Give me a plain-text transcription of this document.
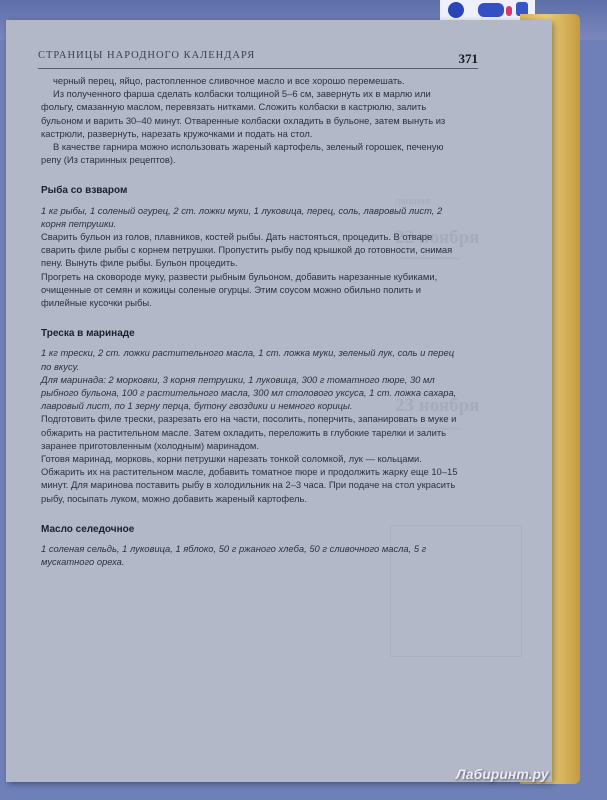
СТРАНИЦЫ НАРОДНОГО КАЛЕНДАРЯ	371
дяшняя
22 ноября
23 ноября

черный перец, яйцо, растопленное сливочное масло и все хорошо перемешать.

Из полученного фарша сделать колбаски толщиной 5–6 см, завернуть их в марлю или фольгу, смазанную маслом, перевязать нитками. Сложить колбаски в кастрюлю, залить бульоном и варить 30–40 минут. Отваренные колбаски охладить в бульоне, затем вынуть из кастрюли, развернуть, нарезать кружочками и подать на стол.

В качестве гарнира можно использовать жареный картофель, зеленый горошек, печеную репу (Из старинных рецептов).

Рыба со взваром

1 кг рыбы, 1 соленый огурец, 2 ст. ложки муки, 1 луковица, перец, соль, лавровый лист, 2 корня петрушки.

Сварить бульон из голов, плавников, костей рыбы. Дать настояться, процедить. В отваре сварить филе рыбы с корнем петрушки. Пропустить рыбу под крышкой до готовности, снимая пену. Вынуть филе рыбы. Бульон процедить.

Прогреть на сковороде муку, развести рыбным бульоном, добавить нарезанные кубиками, очищенные от семян и кожицы соленые огурцы. Этим соусом можно обильно полить и филейные кусочки рыбы.

Треска в маринаде

1 кг трески, 2 ст. ложки растительного масла, 1 ст. ложка муки, зеленый лук, соль и перец по вкусу.

Для маринада: 2 морковки, 3 корня петрушки, 1 луковица, 300 г томатного пюре, 30 мл рыбного бульона, 100 г растительного масла, 300 мл столового уксуса, 1 ст. ложка сахара, лавровый лист, по 1 зерну перца, бутону гвоздики и немного корицы.

Подготовить филе трески, разрезать его на части, посолить, поперчить, запанировать в муке и обжарить на растительном масле. Затем охладить, переложить в глубокие тарелки и залить заранее приготовленным (холодным) маринадом.

Готовя маринад, морковь, корни петрушки нарезать тонкой соломкой, лук — кольцами. Обжарить их на растительном масле, добавить томатное пюре и продолжить жарку еще 10–15 минут. Для маринова поставить рыбу в холодильник на 2–3 часа. При подаче на стол украсить рыбу, посыпать луком, можно добавить жареный картофель.

Масло селедочное

1 соленая сельдь, 1 луковица, 1 яблоко, 50 г ржаного хлеба, 50 г сливочного масла, 5 г мускатного ореха.

Лабиринт.ру
